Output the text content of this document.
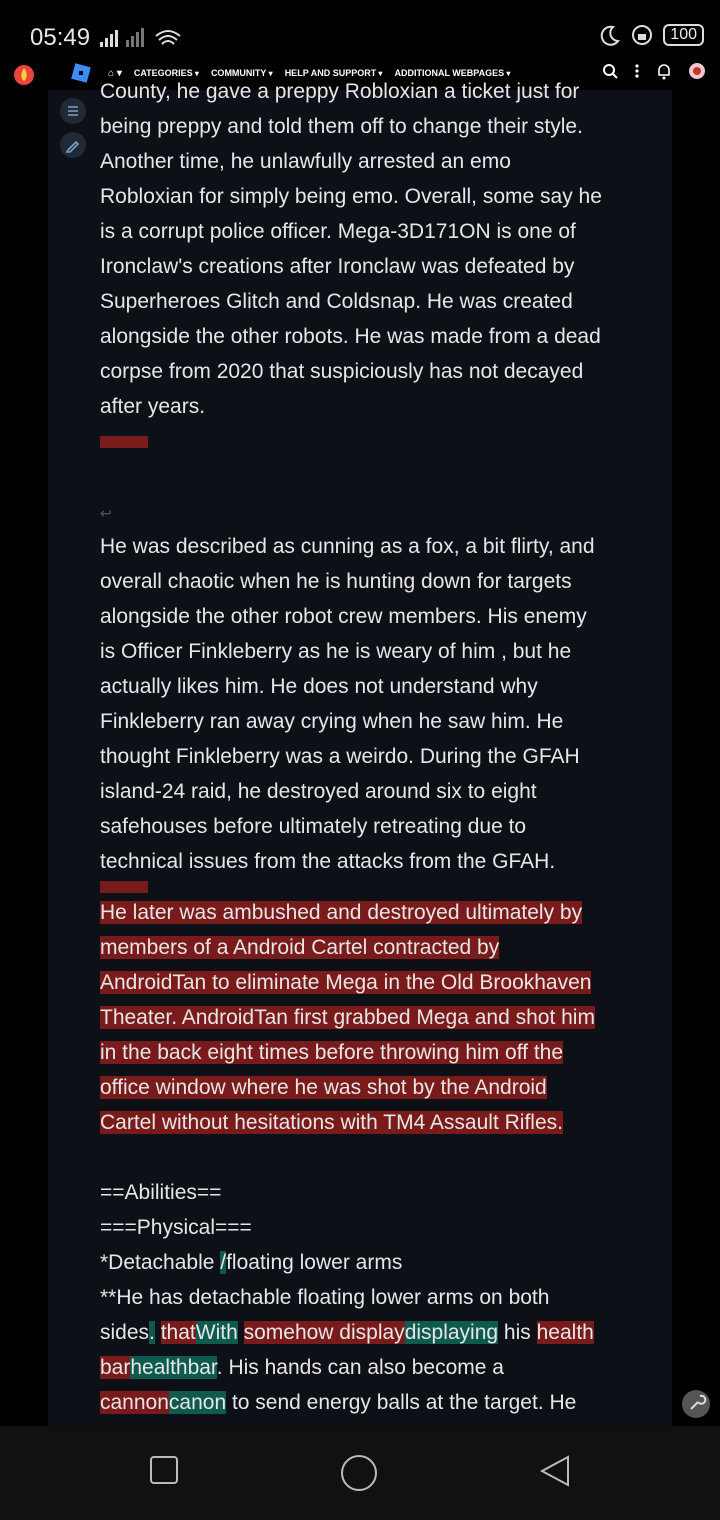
05:49	100
⌂ ▾ CATEGORIES ▾	COMMUNITY ▾	HELP AND SUPPORT ▾	ADDITIONAL WEBPAGES ▾

County, he gave a preppy Robloxian a ticket just for

being preppy and told them off to change their style.

Another time, he unlawfully arrested an emo

Robloxian for simply being emo. Overall, some say he

is a corrupt police officer. Mega-3D171ON is one of

Ironclaw's creations after Ironclaw was defeated by

Superheroes Glitch and Coldsnap. He was created

alongside the other robots. He was made from a dead

corpse from 2020 that suspiciously has not decayed

after years.

↩

He was described as cunning as a fox, a bit flirty, and

overall chaotic when he is hunting down for targets

alongside the other robot crew members. His enemy

is Officer Finkleberry as he is weary of him , but he

actually likes him. He does not understand why

Finkleberry ran away crying when he saw him. He

thought Finkleberry was a weirdo. During the GFAH

island-24 raid, he destroyed around six to eight

safehouses before ultimately retreating due to

technical issues from the attacks from the GFAH.

He later was ambushed and destroyed ultimately by

members of a Android Cartel contracted by

AndroidTan to eliminate Mega in the Old Brookhaven

Theater. AndroidTan first grabbed Mega and shot him

in the back eight times before throwing him off the

office window where he was shot by the Android

Cartel without hesitations with TM4 Assault Rifles.

==Abilities==

===Physical===

*Detachable /floating lower arms

**He has detachable floating lower arms on both

sides. thatWith somehow displaydisplaying his health

barhealthbar. His hands can also become a

cannoncanon to send energy balls at the target. He
